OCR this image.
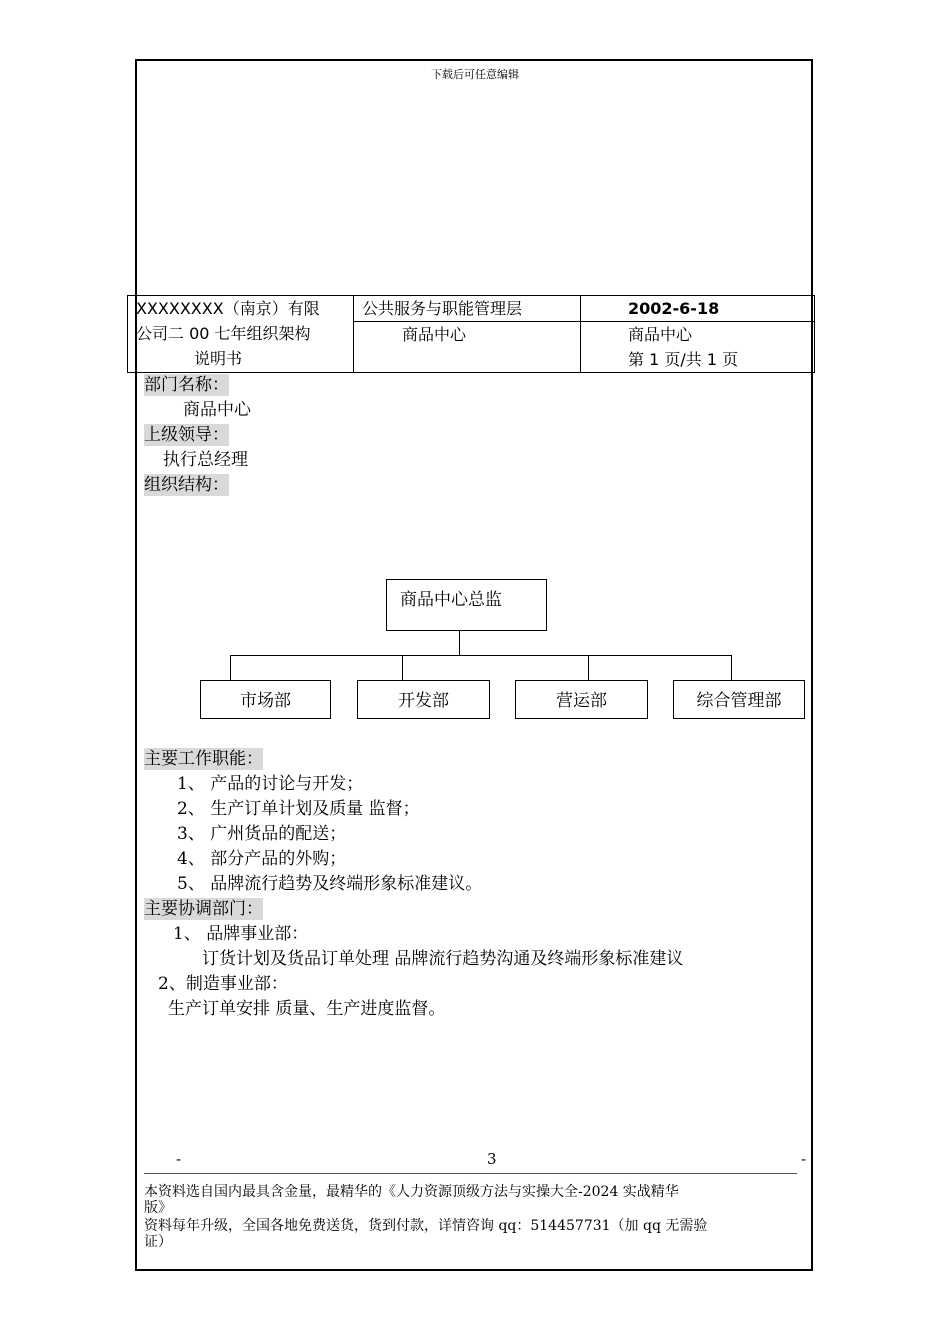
下载后可任意编辑
XXXXXXXX（南京）有限
公司二 00 七年组织架构
说明书	公共服务与职能管理层	2002-6-18

	商品中心	商品中心
第 1 页/共 1 页
部门名称：
商品中心
上级领导：
执行总经理
组织结构：
商品中心总监
市场部	开发部	营运部	综合管理部
主要工作职能：
1、 产品的讨论与开发；
2、 生产订单计划及质量 监督；
3、 广州货品的配送；
4、 部分产品的外购；
5、 品牌流行趋势及终端形象标准建议。
主要协调部门：
1、 品牌事业部：
订货计划及货品订单处理 品牌流行趋势沟通及终端形象标准建议
2、制造事业部：
生产订单安排 质量、生产进度监督。
-	3	-
本资料选自国内最具含金量，最精华的《人力资源顶级方法与实操大全-2024 实战精华
版》
资料每年升级，全国各地免费送货，货到付款，详情咨询 qq：514457731（加 qq 无需验
证）
